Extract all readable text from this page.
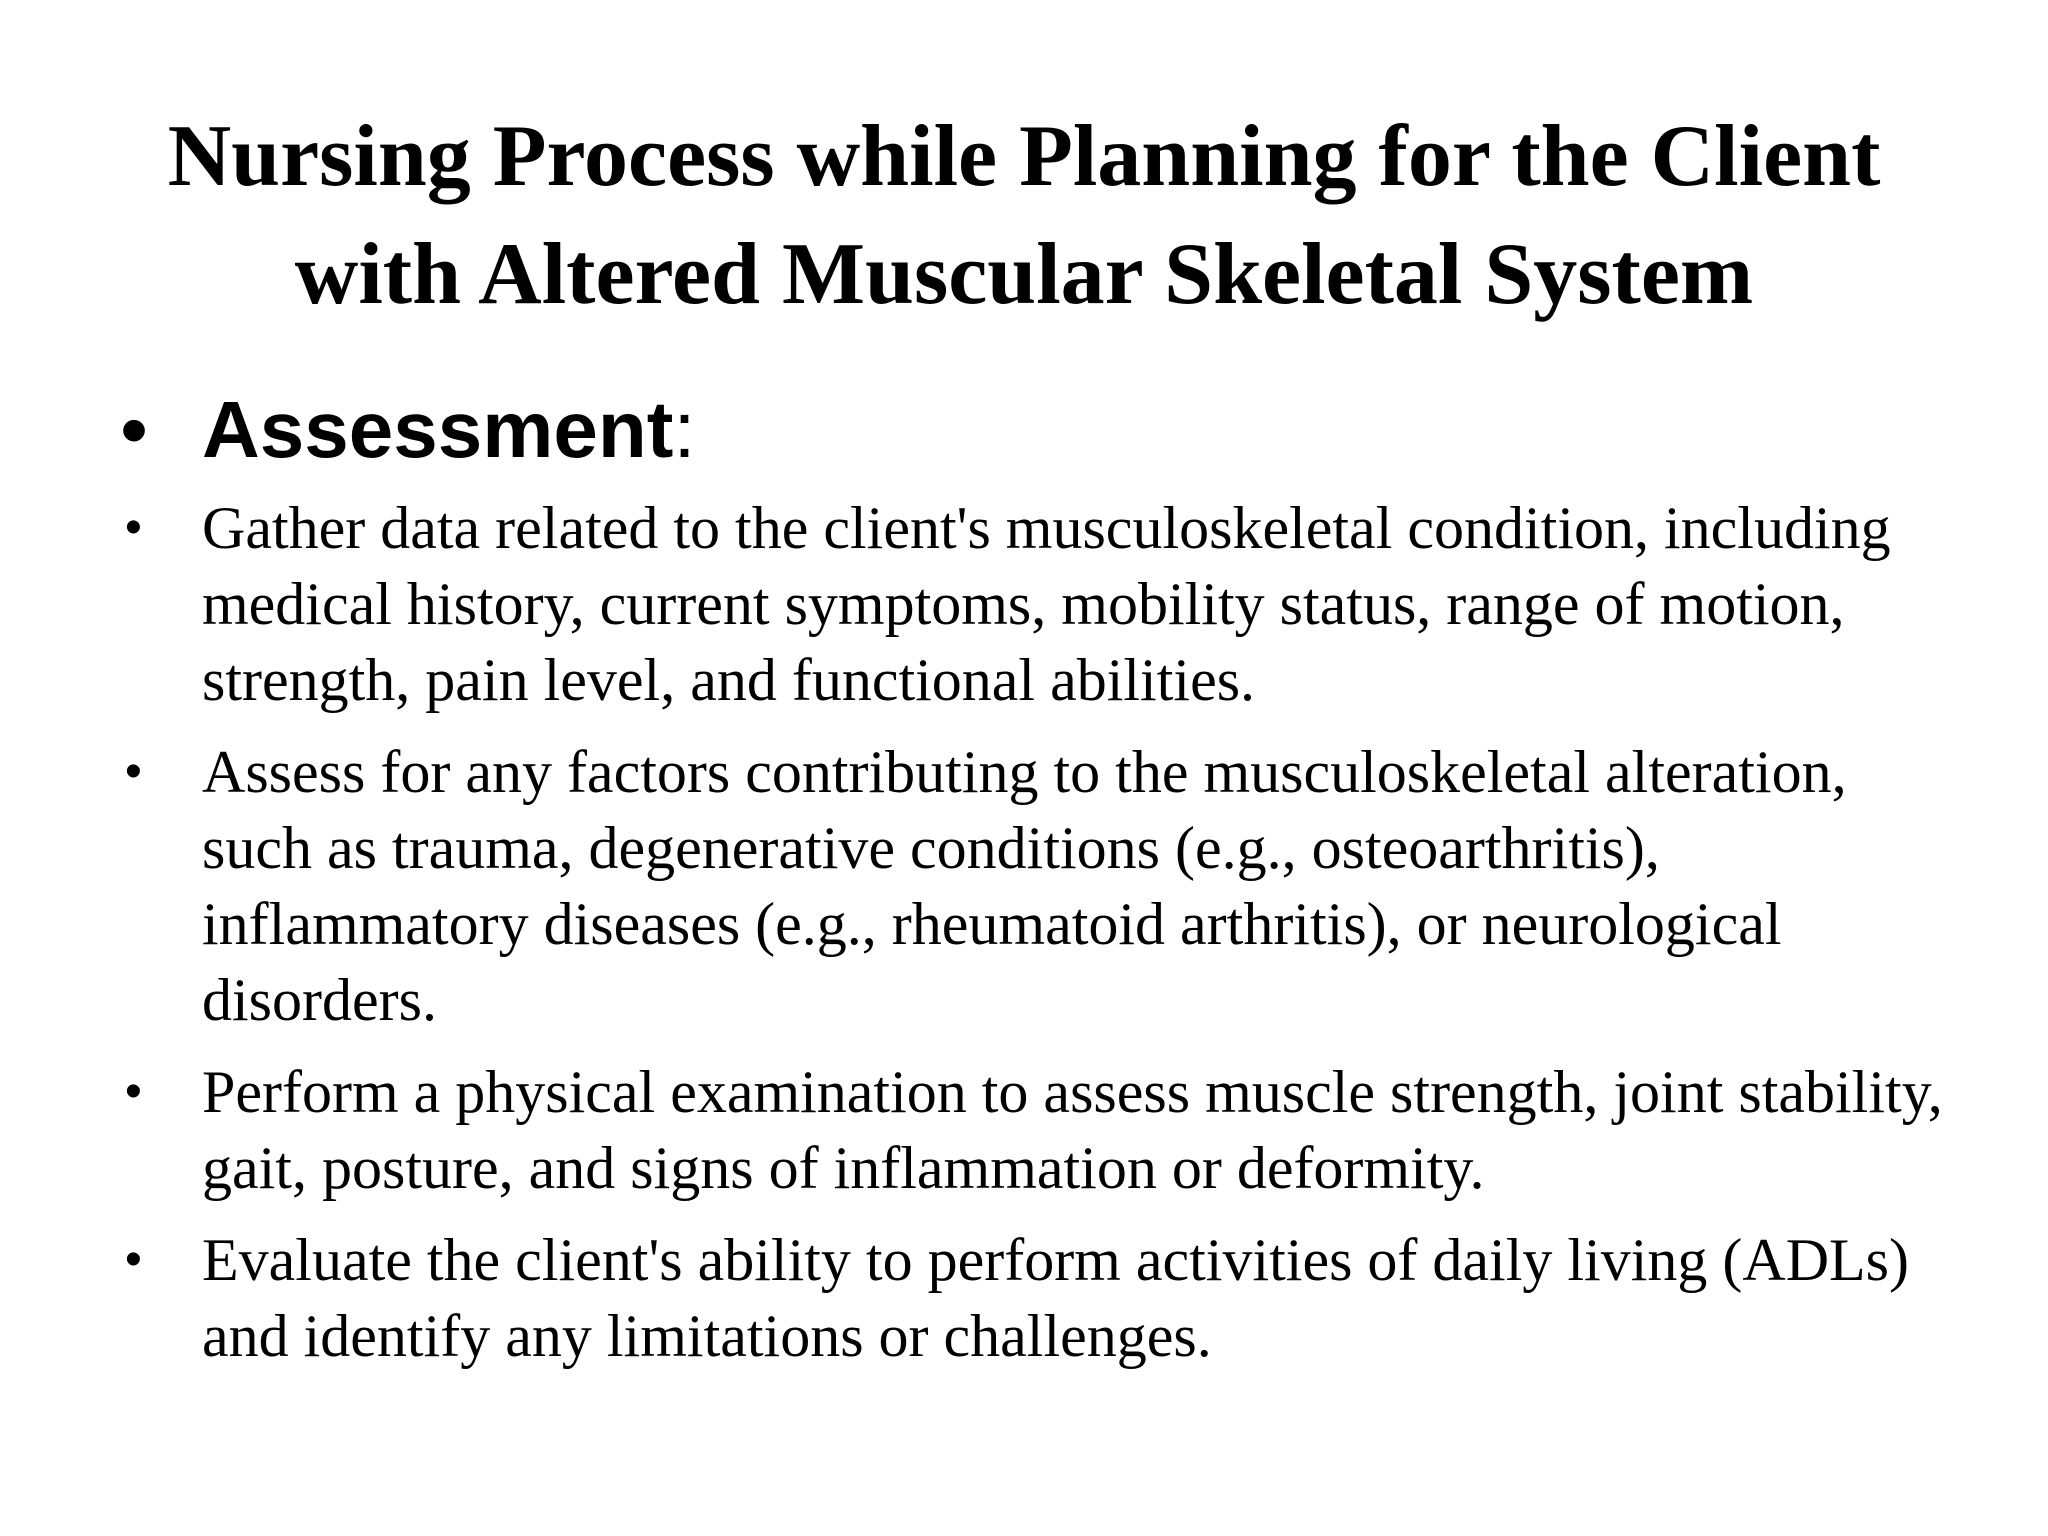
Nursing Process while Planning for the Client
with Altered Muscular Skeletal System
• Assessment:
• Gather data related to the client's musculoskeletal condition, including medical history, current symptoms, mobility status, range of motion, strength, pain level, and functional abilities.
• Assess for any factors contributing to the musculoskeletal alteration, such as trauma, degenerative conditions (e.g., osteoarthritis), inflammatory diseases (e.g., rheumatoid arthritis), or neurological disorders.
• Perform a physical examination to assess muscle strength, joint stability, gait, posture, and signs of inflammation or deformity.
• Evaluate the client's ability to perform activities of daily living (ADLs) and identify any limitations or challenges.
